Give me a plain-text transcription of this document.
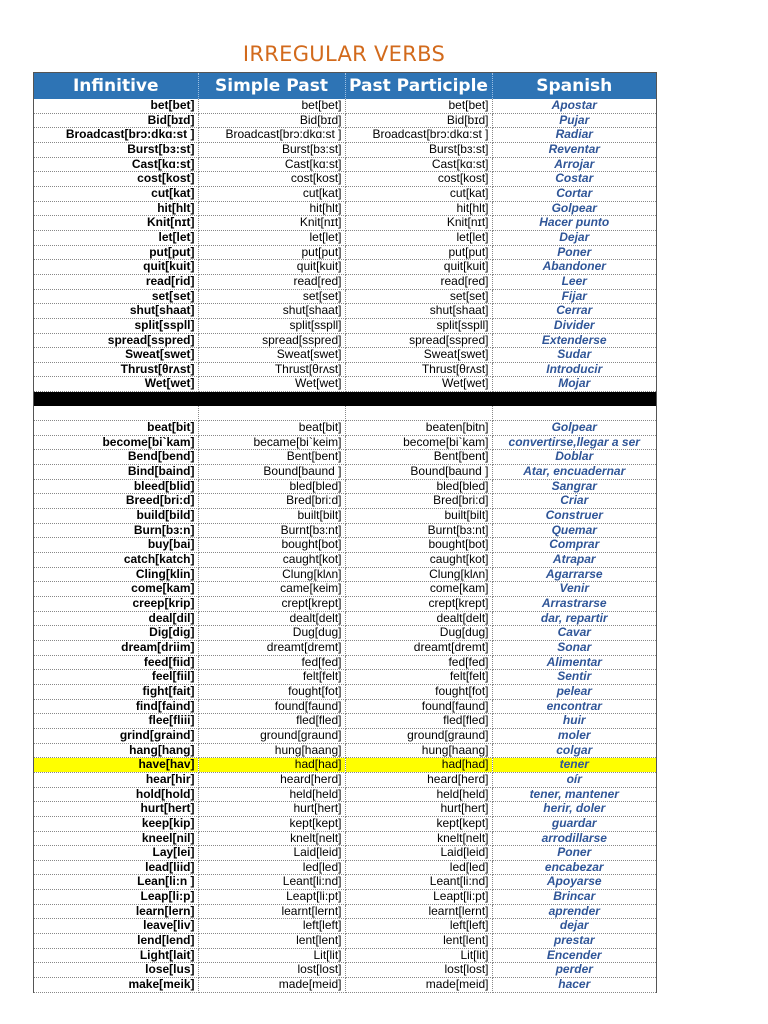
IRREGULAR VERBS
Infinitive	Simple Past	Past Participle	Spanish
bet[bet]	bet[bet]	bet[bet]	Apostar
Bid[bɪd]	Bid[bɪd]	Bid[bɪd]	Pujar
Broadcast[brɔ:dkɑ:st ]	Broadcast[brɔ:dkɑ:st ]	Broadcast[brɔ:dkɑ:st ]	Radiar
Burst[bɜ:st]	Burst[bɜ:st]	Burst[bɜ:st]	Reventar
Cast[kɑ:st]	Cast[kɑ:st]	Cast[kɑ:st]	Arrojar
cost[kost]	cost[kost]	cost[kost]	Costar
cut[kat]	cut[kat]	cut[kat]	Cortar
hit[hlt]	hit[hlt]	hit[hlt]	Golpear
Knit[nɪt]	Knit[nɪt]	Knit[nɪt]	Hacer punto
let[let]	let[let]	let[let]	Dejar
put[put]	put[put]	put[put]	Poner
quit[kuit]	quit[kuit]	quit[kuit]	Abandoner
read[rid]	read[red]	read[red]	Leer
set[set]	set[set]	set[set]	Fijar
shut[shaat]	shut[shaat]	shut[shaat]	Cerrar
split[sspll]	split[sspll]	split[sspll]	Divider
spread[sspred]	spread[sspred]	spread[sspred]	Extenderse
Sweat[swet]	Sweat[swet]	Sweat[swet]	Sudar
Thrust[θrʌst]	Thrust[θrʌst]	Thrust[θrʌst]	Introducir
Wet[wet]	Wet[wet]	Wet[wet]	Mojar

beat[bit]	beat[bit]	beaten[bitn]	Golpear
become[bi`kam]	became[bi`keim]	become[bi`kam]	convertirse,llegar a ser
Bend[bend]	Bent[bent]	Bent[bent]	Doblar
Bind[baind]	Bound[baund ]	Bound[baund ]	Atar, encuadernar
bleed[blid]	bled[bled]	bled[bled]	Sangrar
Breed[bri:d]	Bred[bri:d]	Bred[bri:d]	Criar
build[bild]	built[bilt]	built[bilt]	Construer
Burn[bɜ:n]	Burnt[bɜ:nt]	Burnt[bɜ:nt]	Quemar
buy[bai]	bought[bot]	bought[bot]	Comprar
catch[katch]	caught[kot]	caught[kot]	Atrapar
Cling[klin]	Clung[klʌn]	Clung[klʌn]	Agarrarse
come[kam]	came[keim]	come[kam]	Venir
creep[krip]	crept[krept]	crept[krept]	Arrastrarse
deal[dil]	dealt[delt]	dealt[delt]	dar, repartir
Dig[dig]	Dug[dug]	Dug[dug]	Cavar
dream[driim]	dreamt[dremt]	dreamt[dremt]	Sonar
feed[fiid]	fed[fed]	fed[fed]	Alimentar
feel[fiil]	felt[felt]	felt[felt]	Sentir
fight[fait]	fought[fot]	fought[fot]	pelear
find[faind]	found[faund]	found[faund]	encontrar
flee[fliii]	fled[fled]	fled[fled]	huir
grind[graind]	ground[graund]	ground[graund]	moler
hang[hang]	hung[haang]	hung[haang]	colgar
have[hav]	had[had]	had[had]	tener
hear[hir]	heard[herd]	heard[herd]	oír
hold[hold]	held[held]	held[held]	tener, mantener
hurt[hert]	hurt[hert]	hurt[hert]	herir, doler
keep[kip]	kept[kept]	kept[kept]	guardar
kneel[nil]	knelt[nelt]	knelt[nelt]	arrodillarse
Lay[lei]	Laid[leid]	Laid[leid]	Poner
lead[liid]	led[led]	led[led]	encabezar
Lean[li:n ]	Leant[li:nd]	Leant[li:nd]	Apoyarse
Leap[li:p]	Leapt[li:pt]	Leapt[li:pt]	Brincar
learn[lern]	learnt[lernt]	learnt[lernt]	aprender
leave[liv]	left[left]	left[left]	dejar
lend[lend]	lent[lent]	lent[lent]	prestar
Light[lait]	Lit[lit]	Lit[lit]	Encender
lose[lus]	lost[lost]	lost[lost]	perder
make[meik]	made[meid]	made[meid]	hacer
